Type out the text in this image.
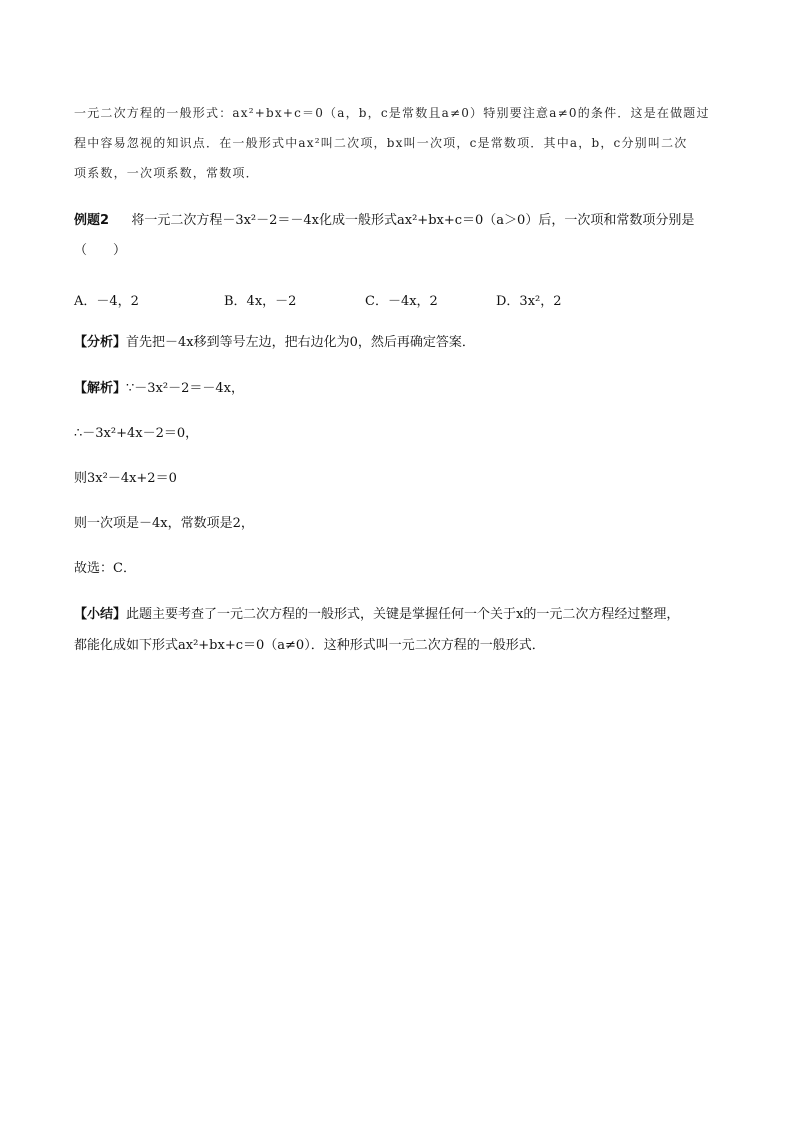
一元二次方程的一般形式：ax²+bx+c＝0（a，b，c是常数且a≠0）特别要注意a≠0的条件．这是在做题过
程中容易忽视的知识点．在一般形式中ax²叫二次项，bx叫一次项，c是常数项．其中a，b，c分别叫二次
项系数，一次项系数，常数项．
例题2 将一元二次方程－3x²－2＝－4x化成一般形式ax²+bx+c＝0（a＞0）后，一次项和常数项分别是
（　　）
A．－4，2	B．4x，－2	C．－4x，2	D．3x²，2
【分析】首先把－4x移到等号左边，把右边化为0，然后再确定答案．
【解析】∵－3x²－2＝－4x，
∴－3x²+4x－2＝0，
则3x²－4x+2＝0
则一次项是－4x，常数项是2，
故选：C．
【小结】此题主要考查了一元二次方程的一般形式，关键是掌握任何一个关于x的一元二次方程经过整理，
都能化成如下形式ax²+bx+c＝0（a≠0）．这种形式叫一元二次方程的一般形式．
